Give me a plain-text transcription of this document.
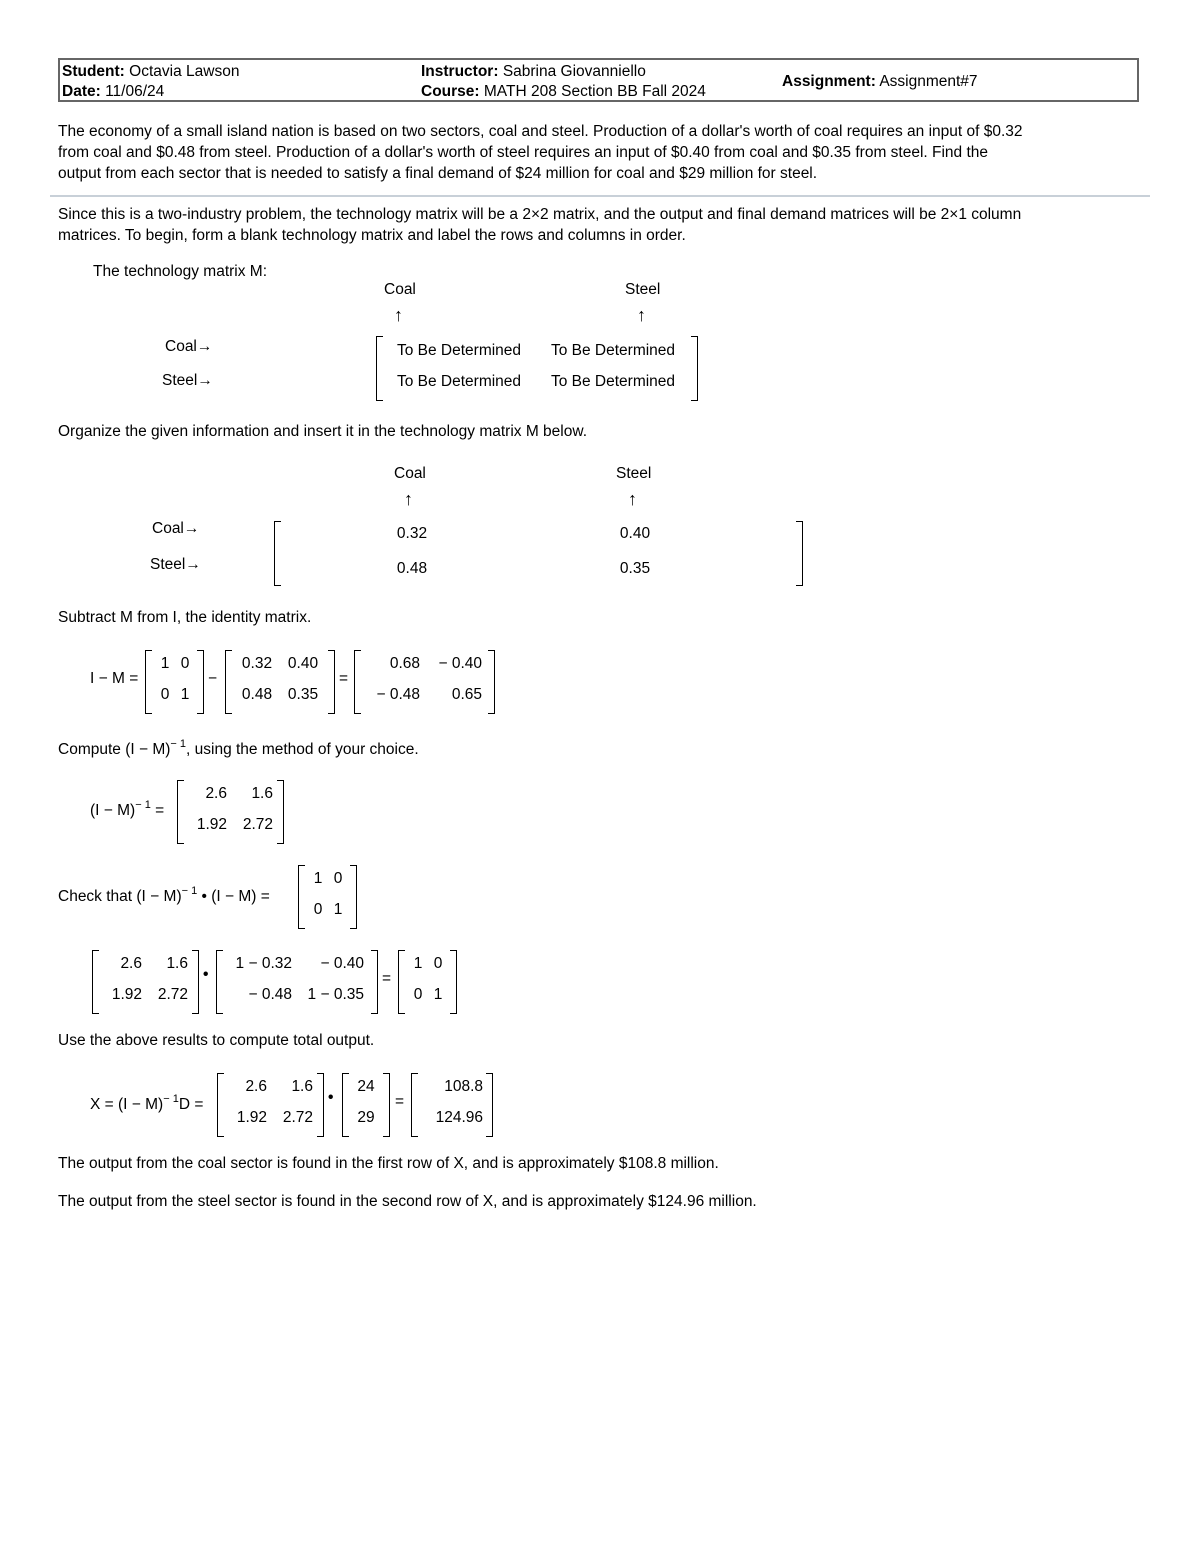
Student: Octavia Lawson
Date: 11/06/24
Instructor: Sabrina Giovanniello
Course: MATH 208 Section BB Fall 2024
Assignment: Assignment#7
The economy of a small island nation is based on two sectors, coal and steel. Production of a dollar's worth of coal requires an input of $0.32
from coal and $0.48 from steel. Production of a dollar's worth of steel requires an input of $0.40 from coal and $0.35 from steel. Find the
output from each sector that is needed to satisfy a final demand of $24 million for coal and $29 million for steel.
Since this is a two-industry problem, the technology matrix will be a 2×2 matrix, and the output and final demand matrices will be 2×1 column
matrices. To begin, form a blank technology matrix and label the rows and columns in order.
The technology matrix M:
Coal	Steel
↑	↑
Coal→
Steel→
To Be Determined	To Be Determined
To Be Determined	To Be Determined
Organize the given information and insert it in the technology matrix M below.
Coal	Steel
↑	↑
Coal→
Steel→
0.32	0.40
0.48	0.35
Subtract M from I, the identity matrix.
I − M =
1 0
0 1
−
0.32	0.40
0.48	0.35
=
0.68	− 0.40
− 0.48	0.65
Compute $(I - M)^{- 1}$, using the method of your choice.
$(I - M)^{- 1}$ =
2.6	1.6
1.92	2.72
Check that $(I - M)^{- 1}$ • (I − M) =
1 0
0 1
2.6	1.6
1.92	2.72
•
1 − 0.32	− 0.40
− 0.48	1 − 0.35
=
1 0
0 1
Use the above results to compute total output.
$X = (I - M)^{- 1}D$ =
2.6	1.6
1.92	2.72
•
24
29
=
108.8
124.96
The output from the coal sector is found in the first row of X, and is approximately $108.8 million.
The output from the steel sector is found in the second row of X, and is approximately $124.96 million.
